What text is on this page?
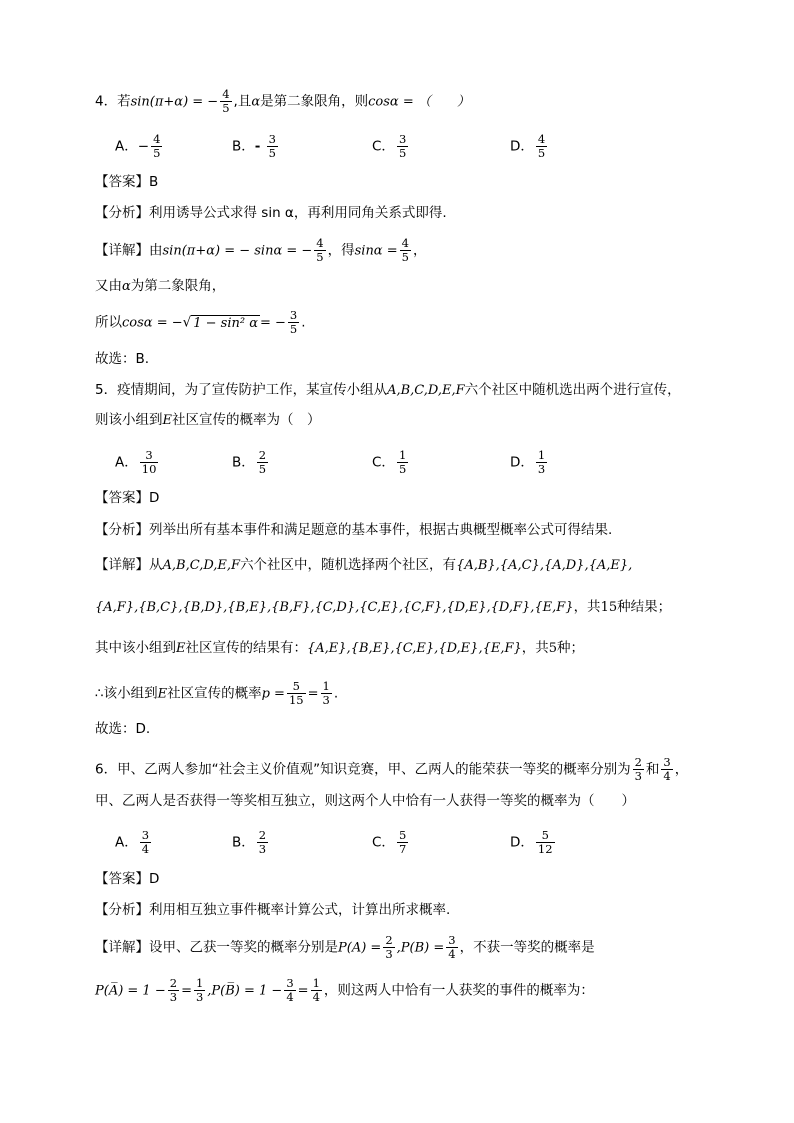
4．若sin(π+α) = − $\frac{4}{5}$ ,且α是第二象限角，则cosα = （　　）
A．− $\frac{4}{5}$	B．- $\frac{3}{5}$	C． $\frac{3}{5}$	D． $\frac{4}{5}$
【答案】B
【分析】利用诱导公式求得 sin α，再利用同角关系式即得.
【详解】由sin(π+α) = − sinα = − $\frac{4}{5}$ ，得$\sin\alpha = \frac{4}{5}$ ，
又由α为第二象限角，
所以cosα = −√ 1 − sin² α = − $\frac{3}{5}$ .
故选：B.
5．疫情期间，为了宣传防护工作，某宣传小组从A,B,C,D,E,F六个社区中随机选出两个进行宣传，
则该小组到E社区宣传的概率为（　）
A． $\frac{3}{10}$	B． $\frac{2}{5}$	C． $\frac{1}{5}$	D． $\frac{1}{3}$
【答案】D
【分析】列举出所有基本事件和满足题意的基本事件，根据古典概型概率公式可得结果.
【详解】从A,B,C,D,E,F六个社区中，随机选择两个社区，有{A,B},{A,C},{A,D},{A,E},
{A,F},{B,C},{B,D},{B,E},{B,F},{C,D},{C,E},{C,F},{D,E},{D,F},{E,F}，共15种结果；
其中该小组到E社区宣传的结果有：{A,E},{B,E},{C,E},{D,E},{E,F}，共5种；
∴该小组到E社区宣传的概率$p = \frac{5}{15} = \frac{1}{3}$ .
故选：D.
6．甲、乙两人参加“社会主义价值观”知识竞赛，甲、乙两人的能荣获一等奖的概率分别为 $\frac{2}{3}$ 和 $\frac{3}{4}$ ，
甲、乙两人是否获得一等奖相互独立，则这两个人中恰有一人获得一等奖的概率为（　　）
A． $\frac{3}{4}$	B． $\frac{2}{3}$	C． $\frac{5}{7}$	D． $\frac{5}{12}$
【答案】D
【分析】利用相互独立事件概率计算公式，计算出所求概率.
【详解】设甲、乙获一等奖的概率分别是$P(A) = \frac{2}{3} ,P(B) = \frac{3}{4}$ ，不获一等奖的概率是
P(A̅) = $1 - \frac{2}{3} = \frac{1}{3}$ ,P(B̅) = $1 - \frac{3}{4} = \frac{1}{4}$ ，则这两人中恰有一人获奖的事件的概率为：
